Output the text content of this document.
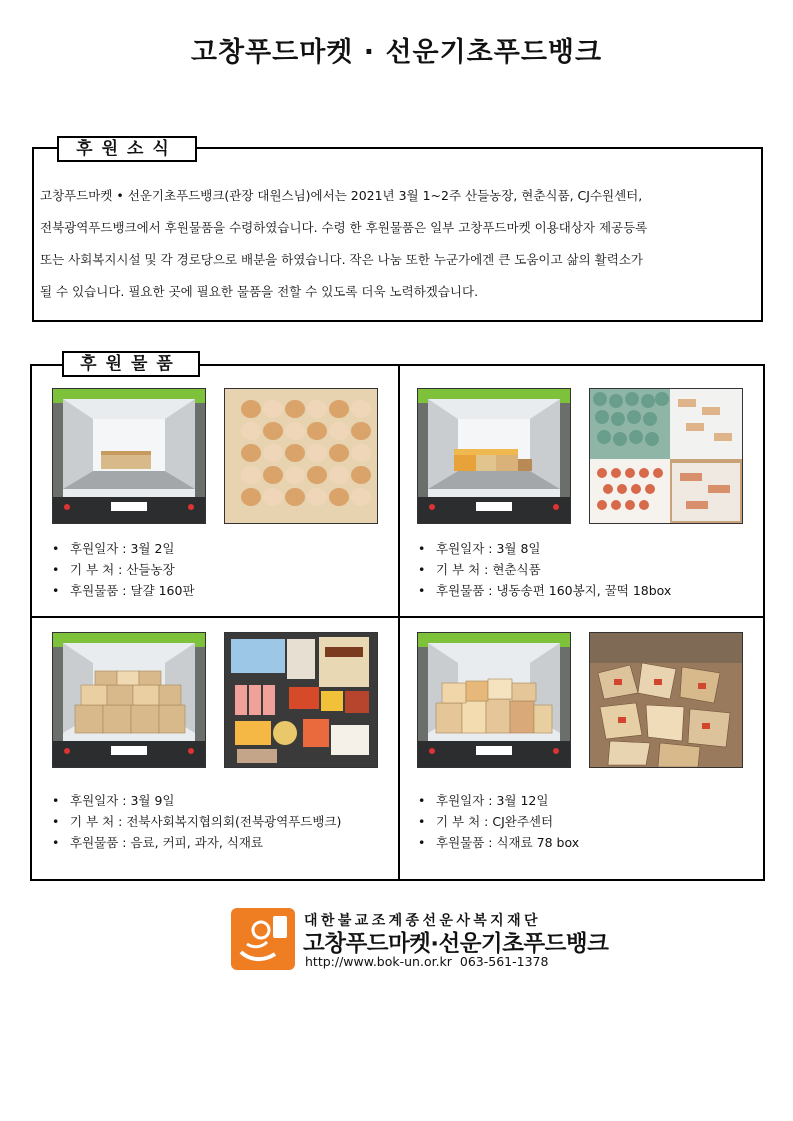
고창푸드마켓 · 선운기초푸드뱅크
후원소식
고창푸드마켓 • 선운기초푸드뱅크(관장 대원스님)에서는 2021년 3월 1~2주 산들농장, 현춘식품, CJ수원센터,
전북광역푸드뱅크에서 후원물품을 수령하였습니다. 수령 한 후원물품은 일부 고창푸드마켓 이용대상자 제공등록
또는 사회복지시설 및 각 경로당으로 배분을 하였습니다. 작은 나눔 또한 누군가에겐 큰 도움이고 삶의 활력소가
될 수 있습니다. 필요한 곳에 필요한 물품을 전할 수 있도록 더욱 노력하겠습니다.
후원물품
• 후원일자 : 3월 2일
• 기 부 처 : 산들농장
• 후원물품 : 달걀 160판
• 후원일자 : 3월 8일
• 기 부 처 : 현춘식품
• 후원물품 : 냉동송편 160봉지, 꿀떡 18box
• 후원일자 : 3월 9일
• 기 부 처 : 전북사회복지협의회(전북광역푸드뱅크)
• 후원물품 : 음료, 커피, 과자, 식재료
• 후원일자 : 3월 12일
• 기 부 처 : CJ완주센터
• 후원물품 : 식재료 78 box
대한불교조계종선운사복지재단
고창푸드마켓·선운기초푸드뱅크
http://www.bok-un.or.kr 063-561-1378
